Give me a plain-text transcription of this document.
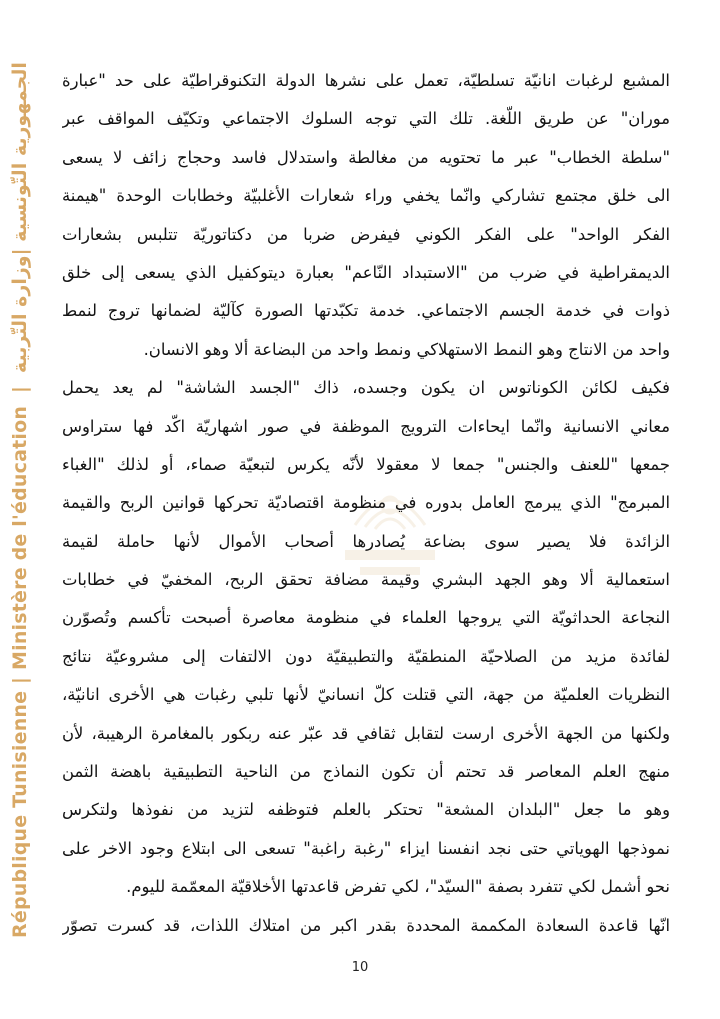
République Tunisienne | Ministère de l'éducation | الجمهورية التّونسية |وزارة التّربية المشبع لرغبات انانيّة تسلطيّة، تعمل على نشرها الدولة التكنوقراطيّة على حد "عبارة
موران" عن طريق اللّغة. تلك التي توجه السلوك الاجتماعي وتكيّف المواقف عبر
"سلطة الخطاب" عبر ما تحتويه من مغالطة واستدلال فاسد وحجاج زائف لا يسعى
الى خلق مجتمع تشاركي وانّما يخفي وراء شعارات الأغلبيّة وخطابات الوحدة "هيمنة
الفكر الواحد" على الفكر الكوني فيفرض ضربا من دكتاتوريّة تتلبس بشعارات
الديمقراطية في ضرب من "الاستبداد النّاعم" بعبارة ديتوكفيل الذي يسعى إلى خلق
ذوات في خدمة الجسم الاجتماعي. خدمة تكبّدتها الصورة كآليّة لضمانها تروج لنمط
واحد من الانتاج وهو النمط الاستهلاكي ونمط واحد من البضاعة ألا وهو الانسان.
فكيف لكائن الكوناتوس ان يكون وجسده، ذاك "الجسد الشاشة" لم يعد يحمل
معاني الانسانية وانّما ايحاءات الترويج الموظفة في صور اشهاريّة اكّد فها ستراوس
جمعها "للعنف والجنس" جمعا لا معقولا لأنّه يكرس لتبعيّة صماء، أو لذلك "الغباء
المبرمج" الذي يبرمج العامل بدوره في منظومة اقتصاديّة تحركها قوانين الربح والقيمة
الزائدة فلا يصير سوى بضاعة يُصادرها أصحاب الأموال لأنها حاملة لقيمة
استعمالية ألا وهو الجهد البشري وقيمة مضافة تحقق الربح، المخفيّ في خطابات
النجاعة الحداثويّة التي يروجها العلماء في منظومة معاصرة أصبحت تأكسم وتُصوّرن
لفائدة مزيد من الصلاحيّة المنطقيّة والتطبيقيّة دون الالتفات إلى مشروعيّة نتائج
النظريات العلميّة من جهة، التي قتلت كلّ انسانيّ لأنها تلبي رغبات هي الأخرى انانيّة،
ولكنها من الجهة الأخرى ارست لتقابل ثقافي قد عبّر عنه ربكور بالمغامرة الرهيبة، لأن
منهج العلم المعاصر قد تحتم أن تكون النماذج من الناحية التطبيقية باهضة الثمن
وهو ما جعل "البلدان المشعة" تحتكر بالعلم فتوظفه لتزيد من نفوذها ولتكرس
نموذجها الهوياتي حتى نجد انفسنا ايزاء "رغبة راغبة" تسعى الى ابتلاع وجود الاخر على
نحو أشمل لكي تتفرد بصفة "السيّد"، لكي تفرض قاعدتها الأخلاقيّة المعمّمة لليوم.
انّها قاعدة السعادة المكممة المحددة بقدر اكبر من امتلاك اللذات، قد كسرت تصوّر
10
